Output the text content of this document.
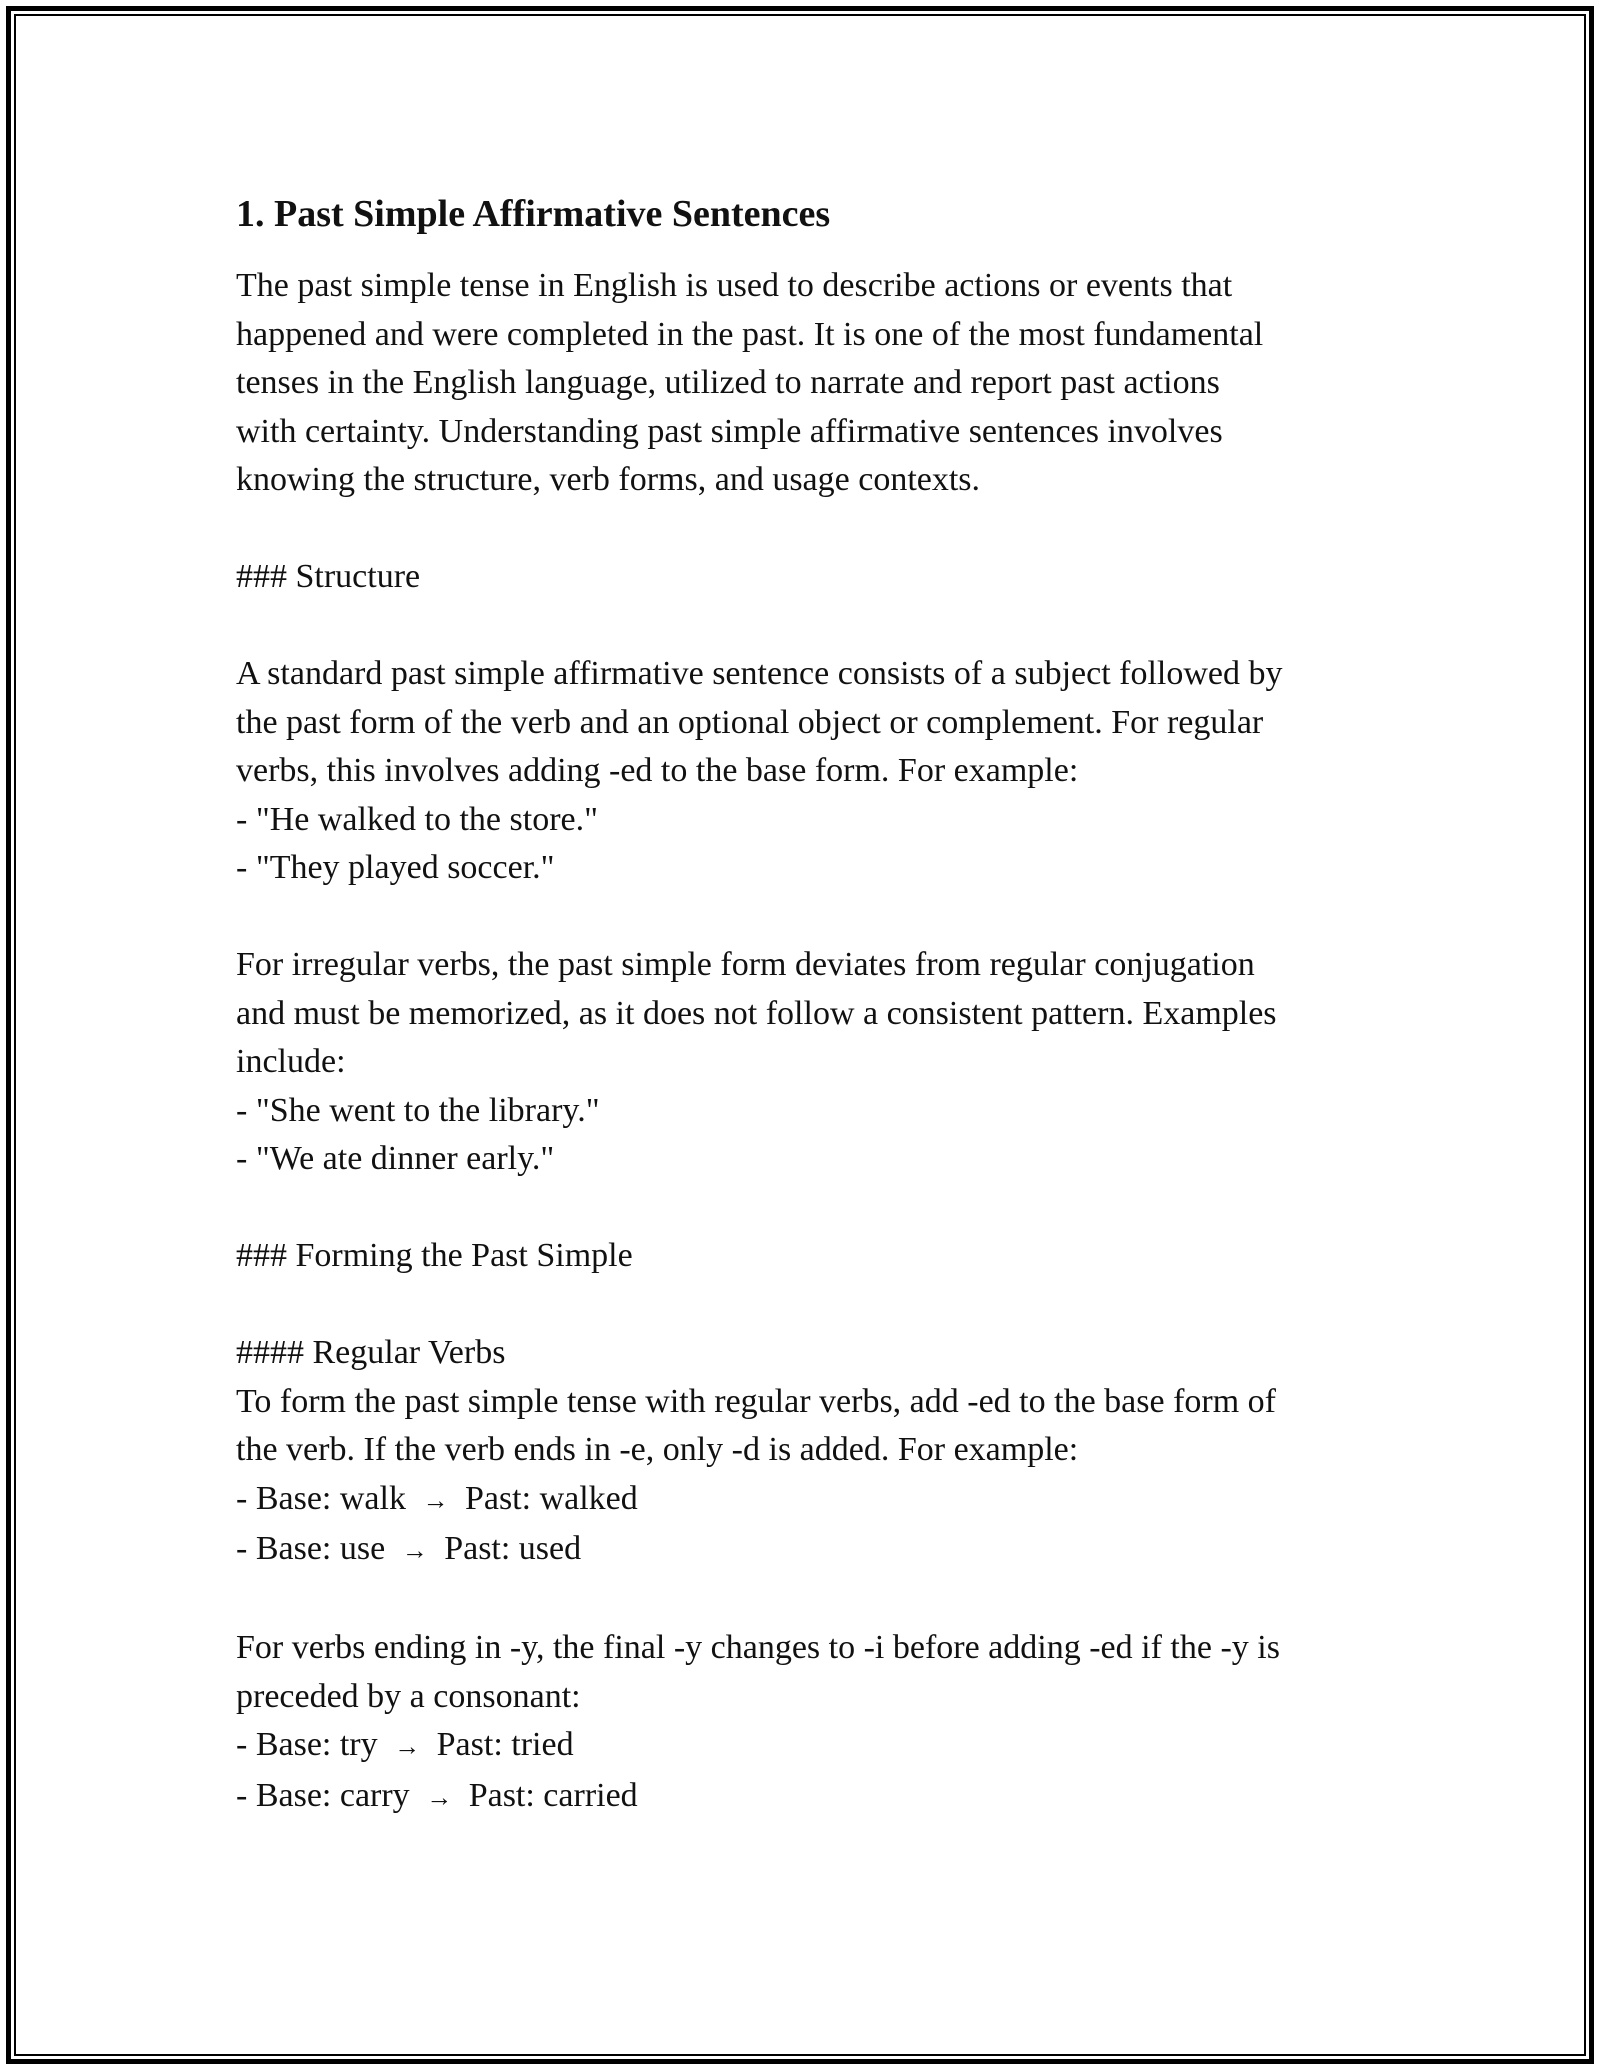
1. Past Simple Affirmative Sentences
The past simple tense in English is used to describe actions or events that
happened and were completed in the past. It is one of the most fundamental
tenses in the English language, utilized to narrate and report past actions
with certainty. Understanding past simple affirmative sentences involves
knowing the structure, verb forms, and usage contexts.
### Structure
A standard past simple affirmative sentence consists of a subject followed by
the past form of the verb and an optional object or complement. For regular
verbs, this involves adding -ed to the base form. For example:
- "He walked to the store."
- "They played soccer."
For irregular verbs, the past simple form deviates from regular conjugation
and must be memorized, as it does not follow a consistent pattern. Examples
include:
- "She went to the library."
- "We ate dinner early."
### Forming the Past Simple
#### Regular Verbs
To form the past simple tense with regular verbs, add -ed to the base form of
the verb. If the verb ends in -e, only -d is added. For example:
- Base: walk → Past: walked
- Base: use → Past: used
For verbs ending in -y, the final -y changes to -i before adding -ed if the -y is
preceded by a consonant:
- Base: try → Past: tried
- Base: carry → Past: carried
